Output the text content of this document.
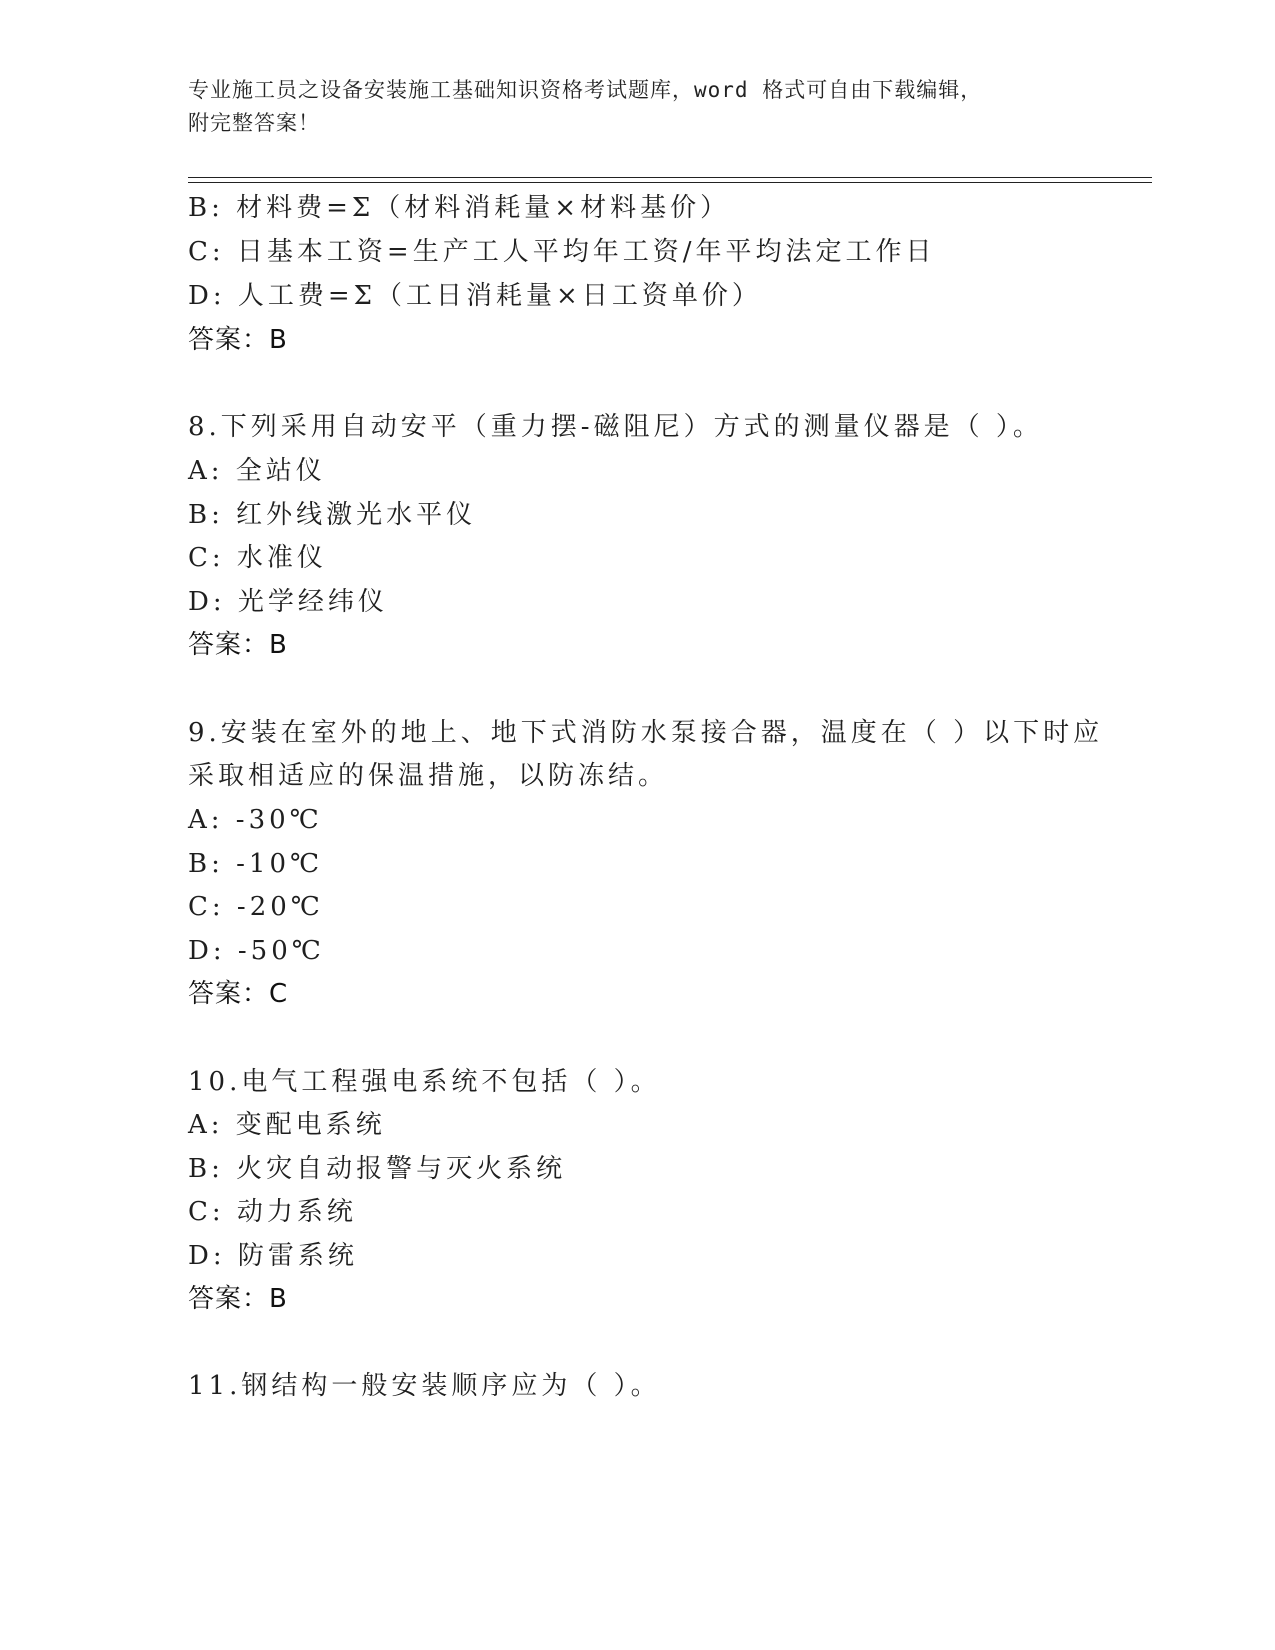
专业施工员之设备安装施工基础知识资格考试题库，word 格式可自由下载编辑，
附完整答案！
B: 材料费=Σ（材料消耗量×材料基价）
C: 日基本工资=生产工人平均年工资/年平均法定工作日
D: 人工费=Σ（工日消耗量×日工资单价）
答案：B
8.下列采用自动安平（重力摆-磁阻尼）方式的测量仪器是（ ）。
A: 全站仪
B: 红外线激光水平仪
C: 水准仪
D: 光学经纬仪
答案：B
9.安装在室外的地上、地下式消防水泵接合器，温度在（ ）以下时应
采取相适应的保温措施，以防冻结。
A: -30℃
B: -10℃
C: -20℃
D: -50℃
答案：C
10.电气工程强电系统不包括（ ）。
A: 变配电系统
B: 火灾自动报警与灭火系统
C: 动力系统
D: 防雷系统
答案：B
11.钢结构一般安装顺序应为（ ）。
